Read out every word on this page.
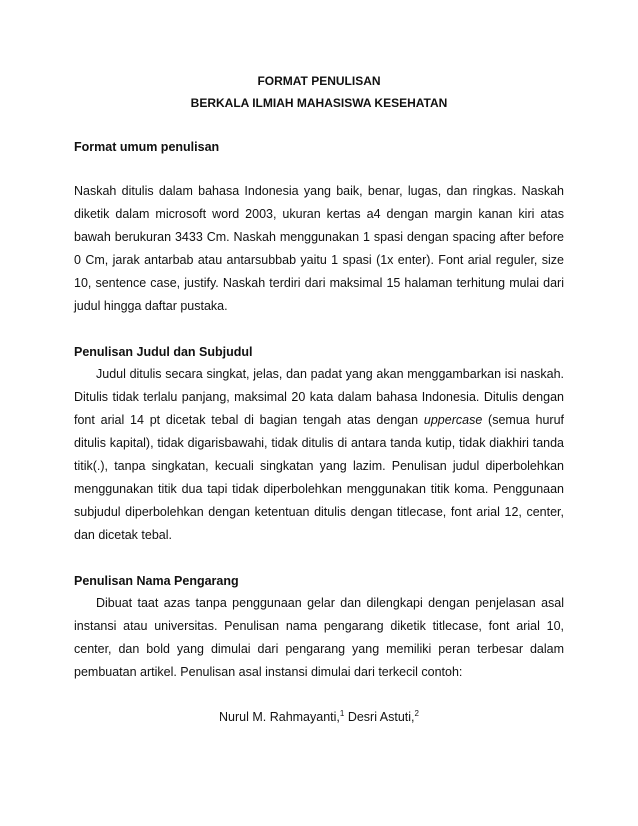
FORMAT PENULISAN
BERKALA ILMIAH MAHASISWA KESEHATAN
Format umum penulisan

Naskah ditulis dalam bahasa Indonesia yang baik, benar, lugas, dan ringkas. Naskah diketik dalam microsoft word 2003, ukuran kertas a4 dengan margin kanan kiri atas bawah berukuran 3433 Cm. Naskah menggunakan 1 spasi dengan spacing after before 0 Cm, jarak antarbab atau antarsubbab yaitu 1 spasi (1x enter). Font arial reguler, size 10, sentence case, justify. Naskah terdiri dari maksimal 15 halaman terhitung mulai dari judul hingga daftar pustaka.

Penulisan Judul dan Subjudul

Judul ditulis secara singkat, jelas, dan padat yang akan menggambarkan isi naskah. Ditulis tidak terlalu panjang, maksimal 20 kata dalam bahasa Indonesia. Ditulis dengan font arial 14 pt dicetak tebal di bagian tengah atas dengan uppercase (semua huruf ditulis kapital), tidak digarisbawahi, tidak ditulis di antara tanda kutip, tidak diakhiri tanda titik(.), tanpa singkatan, kecuali singkatan yang lazim. Penulisan judul diperbolehkan menggunakan titik dua tapi tidak diperbolehkan menggunakan titik koma. Penggunaan subjudul diperbolehkan dengan ketentuan ditulis dengan titlecase, font arial 12, center, dan dicetak tebal.

Penulisan Nama Pengarang

Dibuat taat azas tanpa penggunaan gelar dan dilengkapi dengan penjelasan asal instansi atau universitas. Penulisan nama pengarang diketik titlecase, font arial 10, center, dan bold yang dimulai dari pengarang yang memiliki peran terbesar dalam pembuatan artikel. Penulisan asal instansi dimulai dari terkecil contoh:

Nurul M. Rahmayanti,$^1$ Desri Astuti,$^2$
